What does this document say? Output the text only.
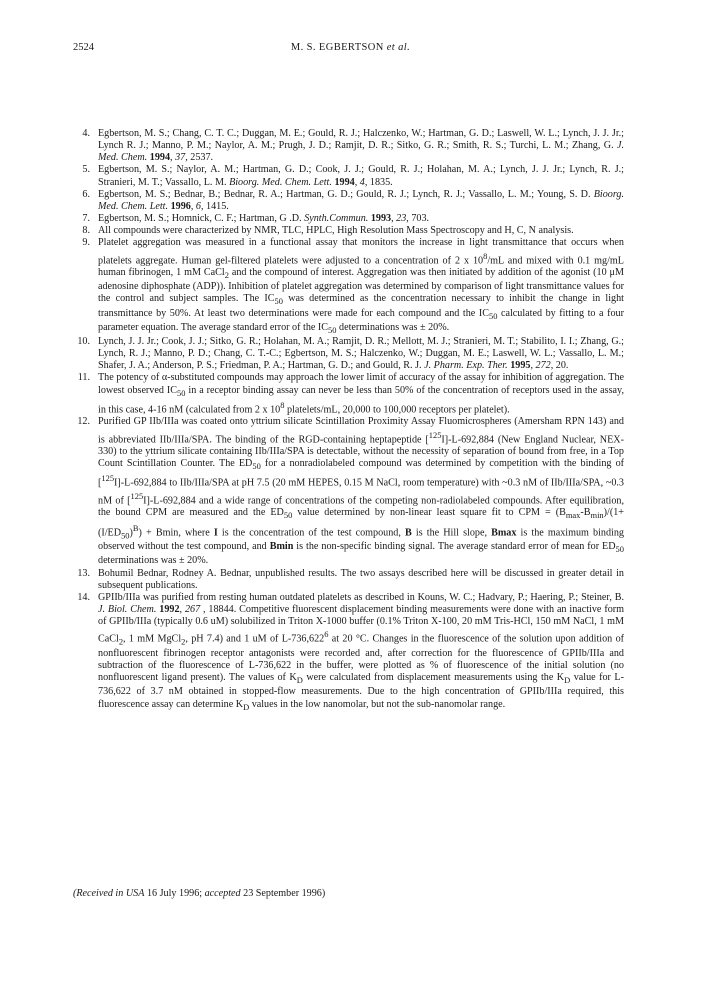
2524	M. S. EGBERTSON et al.

4. Egbertson, M. S.; Chang, C. T. C.; Duggan, M. E.; Gould, R. J.; Halczenko, W.; Hartman, G. D.; Laswell, W. L.; Lynch, J. J. Jr.; Lynch R. J.; Manno, P. M.; Naylor, A. M.; Prugh, J. D.; Ramjit, D. R.; Sitko, G. R.; Smith, R. S.; Turchi, L. M.; Zhang, G. J. Med. Chem. 1994, 37, 2537.

5. Egbertson, M. S.; Naylor, A. M.; Hartman, G. D.; Cook, J. J.; Gould, R. J.; Holahan, M. A.; Lynch, J. J. Jr.; Lynch, R. J.; Stranieri, M. T.; Vassallo, L. M. Bioorg. Med. Chem. Lett. 1994, 4, 1835.

6. Egbertson, M. S.; Bednar, B.; Bednar, R. A.; Hartman, G. D.; Gould, R. J.; Lynch, R. J.; Vassallo, L. M.; Young, S. D. Bioorg. Med. Chem. Lett. 1996, 6, 1415.

7. Egbertson, M. S.; Homnick, C. F.; Hartman, G .D. Synth.Commun. 1993, 23, 703.

8. All compounds were characterized by NMR, TLC, HPLC, High Resolution Mass Spectroscopy and H, C, N analysis.

9. Platelet aggregation was measured in a functional assay that monitors the increase in light transmittance that occurs when platelets aggregate. Human gel-filtered platelets were adjusted to a concentration of 2 x $10^8/mL$ and mixed with 0.1 mg/mL human fibrinogen, 1 mM CaCl$_2$ and the compound of interest. Aggregation was then initiated by addition of the agonist (10 μM adenosine diphosphate (ADP)). Inhibition of platelet aggregation was determined by comparison of light transmittance values for the control and subject samples. The $IC_{50}$ was determined as the concentration necessary to inhibit the change in light transmittance by 50%. At least two determinations were made for each compound and the $IC_{50}$ calculated by fitting to a four parameter equation. The average standard error of the $IC_{50}$ determinations was ± 20%.

10. Lynch, J. J. Jr.; Cook, J. J.; Sitko, G. R.; Holahan, M. A.; Ramjit, D. R.; Mellott, M. J.; Stranieri, M. T.; Stabilito, I. I.; Zhang, G.; Lynch, R. J.; Manno, P. D.; Chang, C. T.-C.; Egbertson, M. S.; Halczenko, W.; Duggan, M. E.; Laswell, W. L.; Vassallo, L. M.; Shafer, J. A.; Anderson, P. S.; Friedman, P. A.; Hartman, G. D.; and Gould, R. J. J. Pharm. Exp. Ther. 1995, 272, 20.

11. The potency of α-substituted compounds may approach the lower limit of accuracy of the assay for inhibition of aggregation. The lowest observed $IC_{50}$ in a receptor binding assay can never be less than 50% of the concentration of receptors used in the assay, in this case, 4-16 nM (calculated from 2 x $10^8$ platelets/mL, 20,000 to 100,000 receptors per platelet).

12. Purified GP IIb/IIIa was coated onto yttrium silicate Scintillation Proximity Assay Fluomicrospheres (Amersham RPN 143) and is abbreviated IIb/IIIa/SPA. The binding of the RGD-containing heptapeptide [$^{125}$I]-L-692,884 (New England Nuclear, NEX-330) to the yttrium silicate containing IIb/IIIa/SPA is detectable, without the necessity of separation of bound from free, in a Top Count Scintillation Counter. The $ED_{50}$ for a nonradiolabeled compound was determined by competition with the binding of [$^{125}$I]-L-692,884 to IIb/IIIa/SPA at pH 7.5 (20 mM HEPES, 0.15 M NaCl, room temperature) with ~0.3 nM of IIb/IIIa/SPA, ~0.3 nM of [$^{125}$I]-L-692,884 and a wide range of concentrations of the competing non-radiolabeled compounds. After equilibration, the bound CPM are measured and the $ED_{50}$ value determined by non-linear least square fit to CPM = $(B_{max}-B_{min})/(1+ (I/ED_{50})^B) + Bmin$, where I is the concentration of the test compound, B is the Hill slope, Bmax is the maximum binding observed without the test compound, and Bmin is the non-specific binding signal. The average standard error of mean for $ED_{50}$ determinations was ± 20%.

13. Bohumil Bednar, Rodney A. Bednar, unpublished results. The two assays described here will be discussed in greater detail in subsequent publications.

14. GPIIb/IIIa was purified from resting human outdated platelets as described in Kouns, W. C.; Hadvary, P.; Haering, P.; Steiner, B. J. Biol. Chem. 1992, 267 , 18844. Competitive fluorescent displacement binding measurements were done with an inactive form of GPIIb/IIIa (typically 0.6 uM) solubilized in Triton X-1000 buffer (0.1% Triton X-100, 20 mM Tris-HCl, 150 mM NaCl, 1 mM CaCl$_2$, 1 mM MgCl$_2$, pH 7.4) and 1 uM of L-736,622$^6$ at 20 °C. Changes in the fluorescence of the solution upon addition of nonfluorescent fibrinogen receptor antagonists were recorded and, after correction for the fluorescence of GPIIb/IIIa and subtraction of the fluorescence of L-736,622 in the buffer, were plotted as % of fluorescence of the initial solution (no nonfluorescent ligand present). The values of $K_D$ were calculated from displacement measurements using the $K_D$ value for L-736,622 of 3.7 nM obtained in stopped-flow measurements. Due to the high concentration of GPIIb/IIIa required, this fluorescence assay can determine $K_D$ values in the low nanomolar, but not the sub-nanomolar range.

(Received in USA 16 July 1996; accepted 23 September 1996)
